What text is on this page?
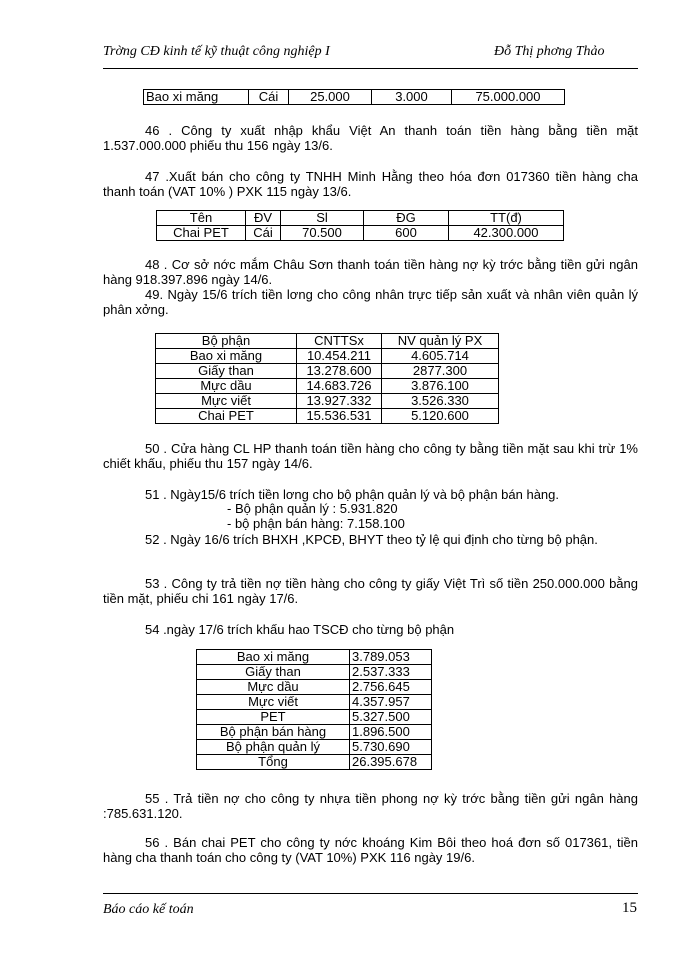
Trờng CĐ kinh tế kỹ thuật công nghiệp I	Đỗ Thị phơng Thảo
Bao xi măng	Cái	25.000	3.000	75.000.000

46 . Công ty xuất nhập khẩu Việt An thanh toán tiền hàng bằng tiền mặt 1.537.000.000 phiếu thu 156 ngày 13/6.

47 .Xuất bán cho công ty TNHH Minh Hằng theo hóa đơn 017360 tiền hàng cha thanh toán (VAT 10% ) PXK 115 ngày 13/6.

Tên	ĐV	Sl	ĐG	TT(đ)
Chai PET	Cái	70.500	600	42.300.000

48 . Cơ sở nớc mắm Châu Sơn thanh toán tiền hàng nợ kỳ trớc bằng tiền gửi ngân hàng 918.397.896 ngày 14/6.

49. Ngày 15/6 trích tiền lơng cho công nhân trực tiếp sản xuất và nhân viên quản lý phân xởng.

Bộ phận	CNTTSx	NV quản lý PX
Bao xi măng	10.454.211	4.605.714
Giấy than	13.278.600	2877.300
Mực dầu	14.683.726	3.876.100
Mực viết	13.927.332	3.526.330
Chai PET	15.536.531	5.120.600

50 . Cửa hàng CL HP thanh toán tiền hàng cho công ty bằng tiền mặt sau khi trừ 1% chiết khấu, phiếu thu 157 ngày 14/6.

51 . Ngày15/6 trích tiền lơng cho bộ phận quản lý và bộ phận bán hàng.

- Bộ phận quản lý : 5.931.820
- bộ phận bán hàng: 7.158.100

52 . Ngày 16/6 trích BHXH ,KPCĐ, BHYT theo tỷ lệ qui định cho từng bộ phận.

53 . Công ty trả tiền nợ tiền hàng cho công ty giấy Việt Trì số tiền 250.000.000 bằng tiền mặt, phiếu chi 161 ngày 17/6.

54 .ngày 17/6 trích khấu hao TSCĐ cho từng bộ phận

Bao xi măng	3.789.053
Giấy than	2.537.333
Mực dầu	2.756.645
Mực viết	4.357.957
PET	5.327.500
Bộ phận bán hàng	1.896.500
Bộ phận quản lý	5.730.690
Tổng	26.395.678

55 . Trả tiền nợ cho công ty nhựa tiền phong nợ kỳ trớc bằng tiền gửi ngân hàng :785.631.120.

56 . Bán chai PET cho công ty nớc khoáng Kim Bôi theo hoá đơn số 017361, tiền hàng cha thanh toán cho công ty (VAT 10%) PXK 116 ngày 19/6.

Báo cáo kế toán	15
